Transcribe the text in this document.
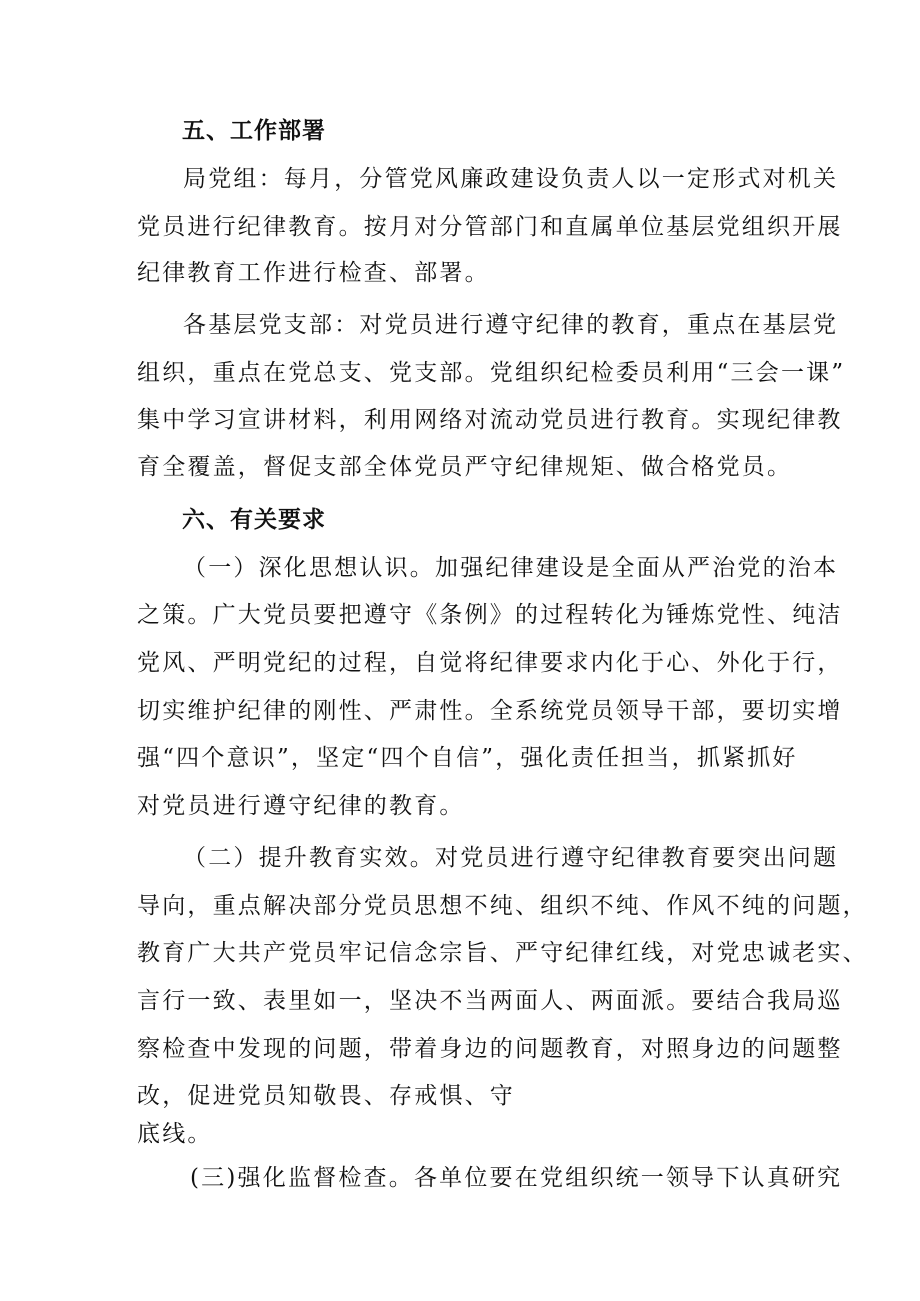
五、工作部署
局党组：每月，分管党风廉政建设负责人以一定形式对机关
党员进行纪律教育。按月对分管部门和直属单位基层党组织开展
纪律教育工作进行检查、部署。
各基层党支部：对党员进行遵守纪律的教育，重点在基层党
组织，重点在党总支、党支部。党组织纪检委员利用“三会一课”
集中学习宣讲材料，利用网络对流动党员进行教育。实现纪律教
育全覆盖，督促支部全体党员严守纪律规矩、做合格党员。
六、有关要求
（一）深化思想认识。加强纪律建设是全面从严治党的治本
之策。广大党员要把遵守《条例》的过程转化为锤炼党性、纯洁
党风、严明党纪的过程，自觉将纪律要求内化于心、外化于行，
切实维护纪律的刚性、严肃性。全系统党员领导干部，要切实增
强“四个意识”，坚定“四个自信”，强化责任担当，抓紧抓好
对党员进行遵守纪律的教育。
（二）提升教育实效。对党员进行遵守纪律教育要突出问题
导向，重点解决部分党员思想不纯、组织不纯、作风不纯的问题，
教育广大共产党员牢记信念宗旨、严守纪律红线，对党忠诚老实、
言行一致、表里如一，坚决不当两面人、两面派。要结合我局巡
察检查中发现的问题，带着身边的问题教育，对照身边的问题整
改，促进党员知敬畏、存戒惧、守
底线。
(三)强化监督检查。各单位要在党组织统一领导下认真研究
